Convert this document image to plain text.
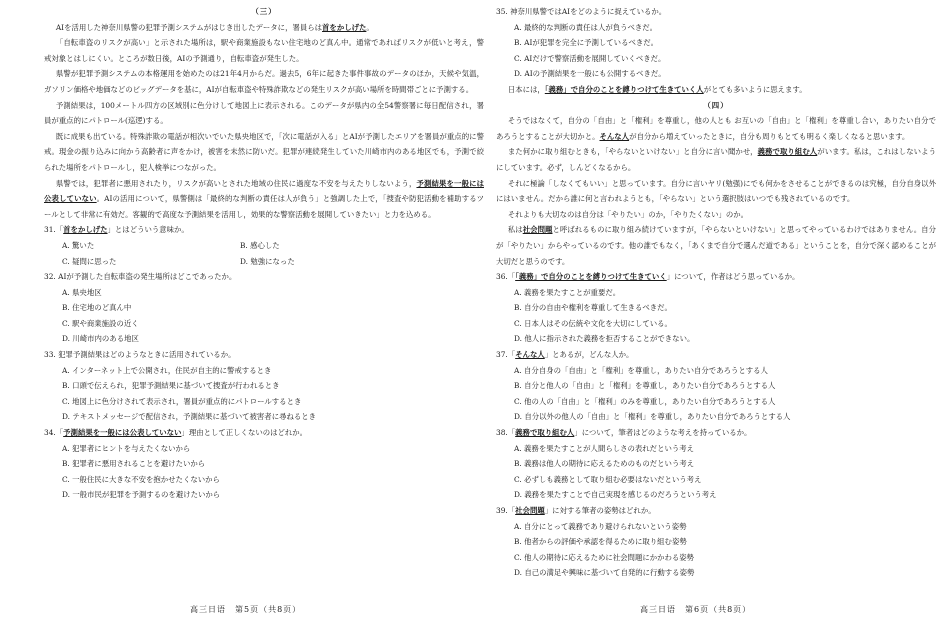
（三）

AIを活用した神奈川県警の犯罪予測システムがはじき出したデータに，署員らは首をかしげた。

「自転車盗のリスクが高い」と示された場所は，駅や商業施設もない住宅地のど真ん中。通常であればリスクが低いと考え，警戒対象とはしにくい。ところが数日後，AIの予測通り，自転車盗が発生した。

県警が犯罪予測システムの本格運用を始めたのは21年4月からだ。過去5，6年に起きた事件事故のデータのほか，天候や気温，ガソリン価格や地価などのビッグデータを基に，AIが自転車盗や特殊詐欺などの発生リスクが高い場所を時間帯ごとに予測する。

予測結果は，100メートル四方の区域別に色分けして地図上に表示される。このデータが県内の全54警察署に毎日配信され，署員が重点的にパトロール(巡逻)する。

既に成果も出ている。特殊詐欺の電話が相次いでいた県央地区で，「次に電話が入る」とAIが予測したエリアを署員が重点的に警戒。現金の振り込みに向かう高齢者に声をかけ，被害を未然に防いだ。犯罪が連続発生していた川崎市内のある地区でも，予測で絞られた場所をパトロールし，犯人検挙につながった。

県警では，犯罪者に悪用されたり，リスクが高いとされた地域の住民に過度な不安を与えたりしないよう，予測結果を一般には公表していない。AIの活用について，県警側は「最終的な判断の責任は人が負う」と強調した上で，「捜査や防犯活動を補助するツールとして非常に有効だ。客観的で高度な予測結果を活用し，効果的な警察活動を展開していきたい」と力を込める。

31.「首をかしげた」とはどういう意味か。
A. 驚いた	B. 感心した
C. 疑問に思った	D. 勉強になった
32. AIが予測した自転車盗の発生場所はどこであったか。
A. 県央地区
B. 住宅地のど真ん中
C. 駅や商業施設の近く
D. 川崎市内のある地区
33. 犯罪予測結果はどのようなときに活用されているか。
A. インターネット上で公開され，住民が自主的に警戒するとき
B. 口頭で伝えられ，犯罪予測結果に基づいて捜査が行われるとき
C. 地図上に色分けされて表示され，署員が重点的にパトロールするとき
D. テキストメッセージで配信され，予測結果に基づいて被害者に尋ねるとき
34.「予測結果を一般には公表していない」理由として正しくないのはどれか。
A. 犯罪者にヒントを与えたくないから
B. 犯罪者に悪用されることを避けたいから
C. 一般住民に大きな不安を抱かせたくないから
D. 一般市民が犯罪を予測するのを避けたいから
高三日语　第5页（共8页）
35. 神奈川県警ではAIをどのように捉えているか。
A. 最終的な判断の責任は人が負うべきだ。
B. AIが犯罪を完全に予測しているべきだ。
C. AIだけで警察活動を展開していくべきだ。
D. AIの予測結果を一般にも公開するべきだ。

日本には，「義務」で自分のことを縛りつけて生きていく人がとても多いように思えます。

（四）

そうではなくて，自分の「自由」と「権利」を尊重し，他の人とも お互いの「自由」と「権利」を尊重し合い，ありたい自分であろうとすることが大切かと。そんな人が自分から増えていったときに，自分も周りもとても明るく楽しくなると思います。

また何かに取り組むときも，「やらないといけない」と自分に言い聞かせ，義務で取り組む人がいます。私は，これはしないようにしています。必ず，しんどくなるから。

それに極論「しなくてもいい」と思っています。自分に言いヤリ(勉强)にでも何かをさせることができるのは究極，自分自身以外にはいません。だから誰に何と言われようとも，「やらない」という選択肢はいつでも残されているのです。

それよりも大切なのは自分は「やりたい」のか，「やりたくない」のか。

私は社会問題と呼ばれるものに取り組み続けていますが，「やらないといけない」と思ってやっているわけではありません。自分が「やりたい」からやっているのです。他の誰でもなく，「あくまで自分で選んだ道である」ということを，自分で深く認めることが大切だと思うのです。

36.「「義務」で自分のことを縛りつけて生きていく」について，作者はどう思っているか。
A. 義務を果たすことが重要だ。
B. 自分の自由や権利を尊重して生きるべきだ。
C. 日本人はその伝統や文化を大切にしている。
D. 他人に指示された義務を拒否することができない。
37.「そんな人」とあるが，どんな人か。
A. 自分自身の「自由」と「権利」を尊重し，ありたい自分であろうとする人
B. 自分と他人の「自由」と「権利」を尊重し，ありたい自分であろうとする人
C. 他の人の「自由」と「権利」のみを尊重し，ありたい自分であろうとする人
D. 自分以外の他人の「自由」と「権利」を尊重し，ありたい自分であろうとする人
38.「義務で取り組む人」について，筆者はどのような考えを持っているか。
A. 義務を果たすことが人間らしさの表れだという考え
B. 義務は他人の期待に応えるためのものだという考え
C. 必ずしも義務として取り組む必要はないだという考え
D. 義務を果たすことで自己実現を感じるのだろうという考え
39.「社会問題」に対する筆者の姿勢はどれか。
A. 自分にとって義務であり避けられないという姿勢
B. 他者からの評価や承認を得るために取り組む姿勢
C. 他人の期待に応えるために社会問題にかかわる姿勢
D. 自己の満足や興味に基づいて自発的に行動する姿勢
高三日语　第6页（共8页）
